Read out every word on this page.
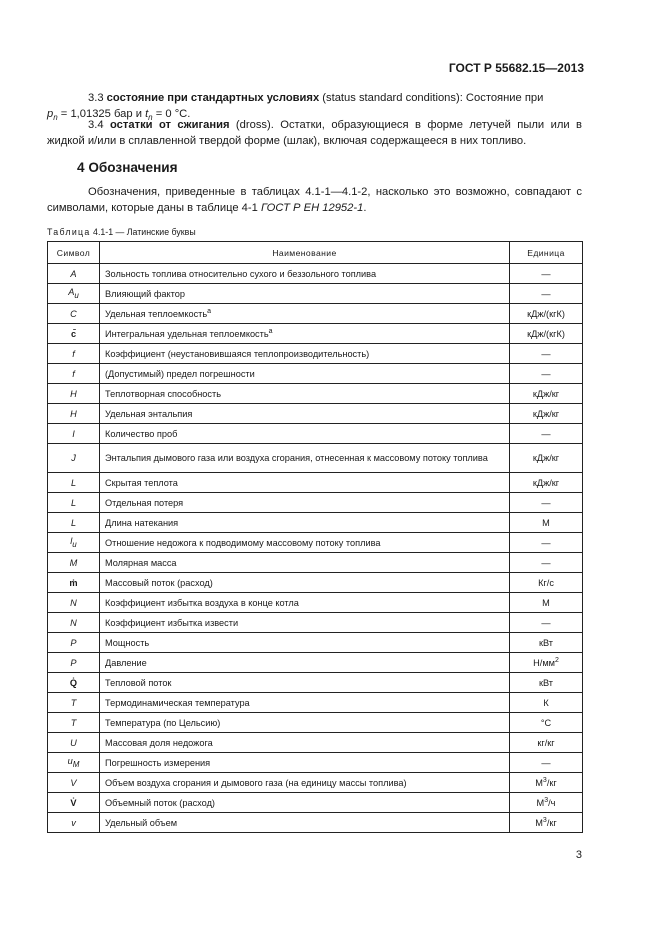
ГОСТ Р 55682.15—2013
3.3 состояние при стандартных условиях (status standard conditions): Состояние при
$p_n = 1,01325$ бар и $t_n = 0$ °С.
3.4 остатки от сжигания (dross). Остатки, образующиеся в форме летучей пыли или в жидкой и/или в сплавленной твердой форме (шлак), включая содержащееся в них топливо.
4 Обозначения
Обозначения, приведенные в таблицах 4.1-1—4.1-2, насколько это возможно, совпадают с символами, которые даны в таблице 4-1 ГОСТ Р ЕН 12952-1.
Таблица 4.1-1 — Латинские буквы
Символ	Наименование	Единица
A	Зольность топлива относительно сухого и беззольного топлива	—
Au	Влияющий фактор	—
C	Удельная теплоемкость$^a$	кДж/(кгК)
c̄	Интегральная удельная теплоемкость$^a$	кДж/(кгК)
f	Коэффициент (неустановившаяся теплопроизводительность)	—
f	(Допустимый) предел погрешности	—
H	Теплотворная способность	кДж/кг
H	Удельная энтальпия	кДж/кг
I	Количество проб	—
J	Энтальпия дымового газа или воздуха сгорания, отнесенная к массовому потоку топлива	кДж/кг
L	Скрытая теплота	кДж/кг
L	Отдельная потеря	—
L	Длина натекания	М
lu	Отношение недожога к подводимому массовому потоку топлива	—
M	Молярная масса	—
ṁ	Массовый поток (расход)	Кг/с
N	Коэффициент избытка воздуха в конце котла	М
N	Коэффициент избытка извести	—
P	Мощность	кВт
P	Давление	$Н/мм^2$
Q̇	Тепловой поток	кВт
T	Термодинамическая температура	К
T	Температура (по Цельсию)	°С
U	Массовая доля недожога	кг/кг
uM	Погрешность измерения	—
V	Объем воздуха сгорания и дымового газа (на единицу массы топлива)	$М^3/кг$
V̇	Объемный поток (расход)	$М^3/ч$
v	Удельный объем	$М^3/кг$
3
